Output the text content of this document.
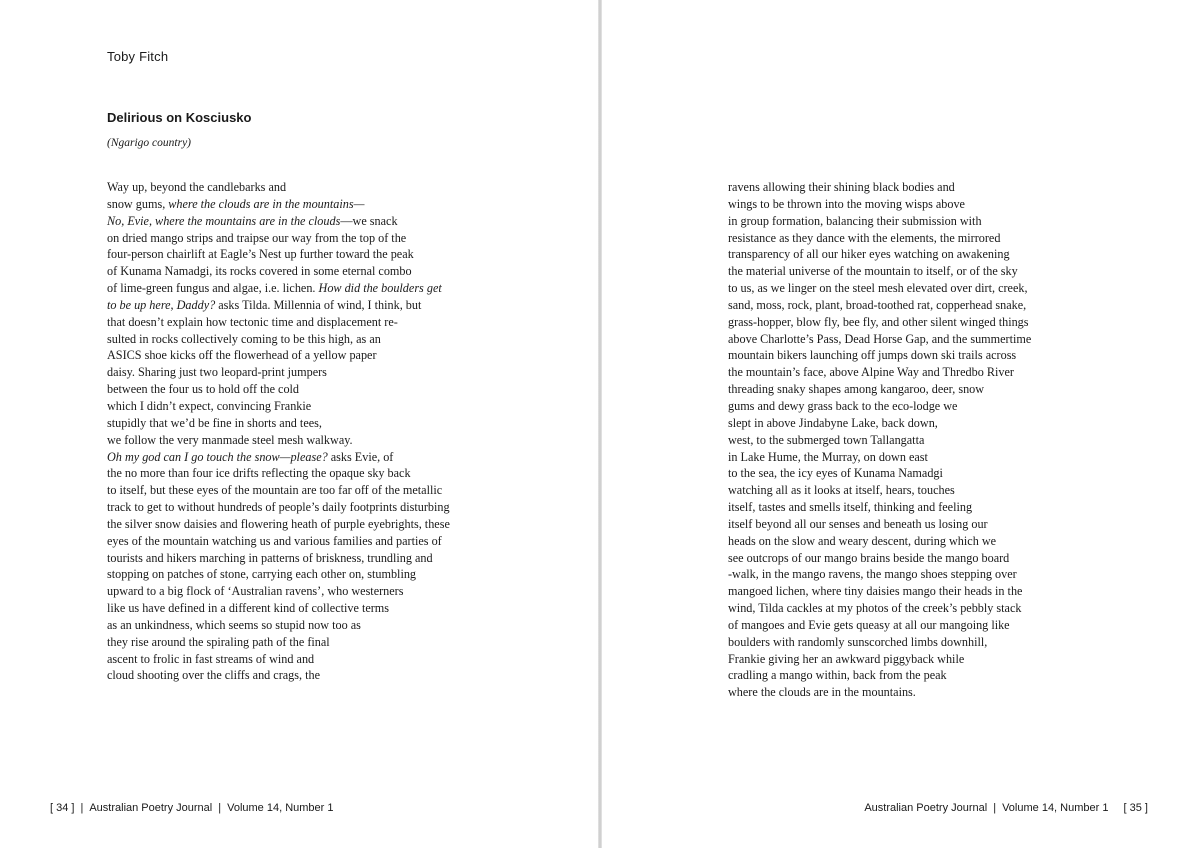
Toby Fitch
Delirious on Kosciusko
(Ngarigo country)
Way up, beyond the candlebarks and
snow gums, where the clouds are in the mountains—
No, Evie, where the mountains are in the clouds—we snack
on dried mango strips and traipse our way from the top of the
four-person chairlift at Eagle’s Nest up further toward the peak
of Kunama Namadgi, its rocks covered in some eternal combo
of lime-green fungus and algae, i.e. lichen. How did the boulders get
to be up here, Daddy? asks Tilda. Millennia of wind, I think, but
that doesn’t explain how tectonic time and displacement re-
sulted in rocks collectively coming to be this high, as an
ASICS shoe kicks off the flowerhead of a yellow paper
daisy. Sharing just two leopard-print jumpers
between the four us to hold off the cold
which I didn’t expect, convincing Frankie
stupidly that we’d be fine in shorts and tees,
we follow the very manmade steel mesh walkway.
Oh my god can I go touch the snow—please? asks Evie, of
the no more than four ice drifts reflecting the opaque sky back
to itself, but these eyes of the mountain are too far off of the metallic
track to get to without hundreds of people’s daily footprints disturbing
the silver snow daisies and flowering heath of purple eyebrights, these
eyes of the mountain watching us and various families and parties of
tourists and hikers marching in patterns of briskness, trundling and
stopping on patches of stone, carrying each other on, stumbling
upward to a big flock of ‘Australian ravens’, who westerners
like us have defined in a different kind of collective terms
as an unkindness, which seems so stupid now too as
they rise around the spiraling path of the final
ascent to frolic in fast streams of wind and
cloud shooting over the cliffs and crags, the
[ 34 ] | Australian Poetry Journal | Volume 14, Number 1
ravens allowing their shining black bodies and
wings to be thrown into the moving wisps above
in group formation, balancing their submission with
resistance as they dance with the elements, the mirrored
transparency of all our hiker eyes watching on awakening
the material universe of the mountain to itself, or of the sky
to us, as we linger on the steel mesh elevated over dirt, creek,
sand, moss, rock, plant, broad-toothed rat, copperhead snake,
grass-hopper, blow fly, bee fly, and other silent winged things
above Charlotte’s Pass, Dead Horse Gap, and the summertime
mountain bikers launching off jumps down ski trails across
the mountain’s face, above Alpine Way and Thredbo River
threading snaky shapes among kangaroo, deer, snow
gums and dewy grass back to the eco-lodge we
slept in above Jindabyne Lake, back down,
west, to the submerged town Tallangatta
in Lake Hume, the Murray, on down east
to the sea, the icy eyes of Kunama Namadgi
watching all as it looks at itself, hears, touches
itself, tastes and smells itself, thinking and feeling
itself beyond all our senses and beneath us losing our
heads on the slow and weary descent, during which we
see outcrops of our mango brains beside the mango board
-walk, in the mango ravens, the mango shoes stepping over
mangoed lichen, where tiny daisies mango their heads in the
wind, Tilda cackles at my photos of the creek’s pebbly stack
of mangoes and Evie gets queasy at all our mangoing like
boulders with randomly sunscorched limbs downhill,
Frankie giving her an awkward piggyback while
cradling a mango within, back from the peak
where the clouds are in the mountains.
Australian Poetry Journal | Volume 14, Number 1 [ 35 ]
